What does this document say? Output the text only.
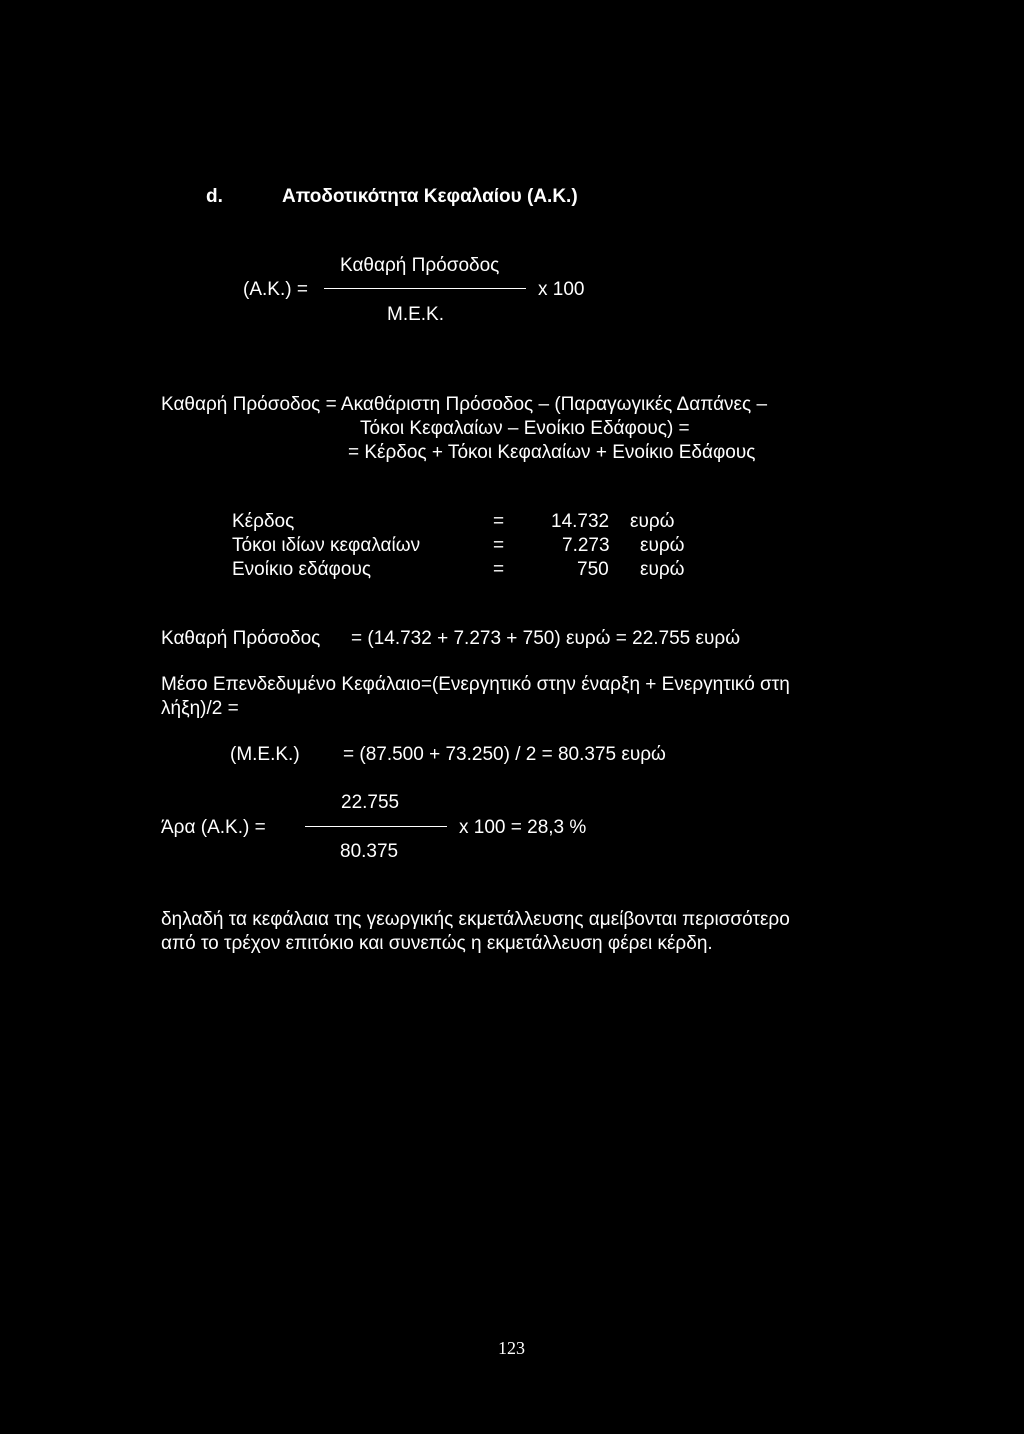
d.	Αποδοτικότητα Κεφαλαίου (Α.Κ.)
Καθαρή Πρόσοδος
(Α.Κ.) =	x 100
Μ.Ε.Κ.
Καθαρή Πρόσοδος = Ακαθάριστη Πρόσοδος – (Παραγωγικές Δαπάνες –
Τόκοι Κεφαλαίων – Ενοίκιο Εδάφους) =
= Κέρδος + Τόκοι Κεφαλαίων + Ενοίκιο Εδάφους
Κέρδος	= 14.732 ευρώ
Τόκοι ιδίων κεφαλαίων	=	7.273 ευρώ
Ενοίκιο εδάφους	=	750 ευρώ
Καθαρή Πρόσοδος = (14.732 + 7.273 + 750) ευρώ = 22.755 ευρώ
Μέσο Επενδεδυμένο Κεφάλαιο=(Ενεργητικό στην έναρξη + Ενεργητικό στη
λήξη)/2 =
(Μ.Ε.Κ.) = (87.500 + 73.250) / 2 = 80.375 ευρώ
22.755
Άρα (Α.Κ.) =	x 100 = 28,3 %
80.375
δηλαδή τα κεφάλαια της γεωργικής εκμετάλλευσης αμείβονται περισσότερο
από το τρέχον επιτόκιο και συνεπώς η εκμετάλλευση φέρει κέρδη.
123
